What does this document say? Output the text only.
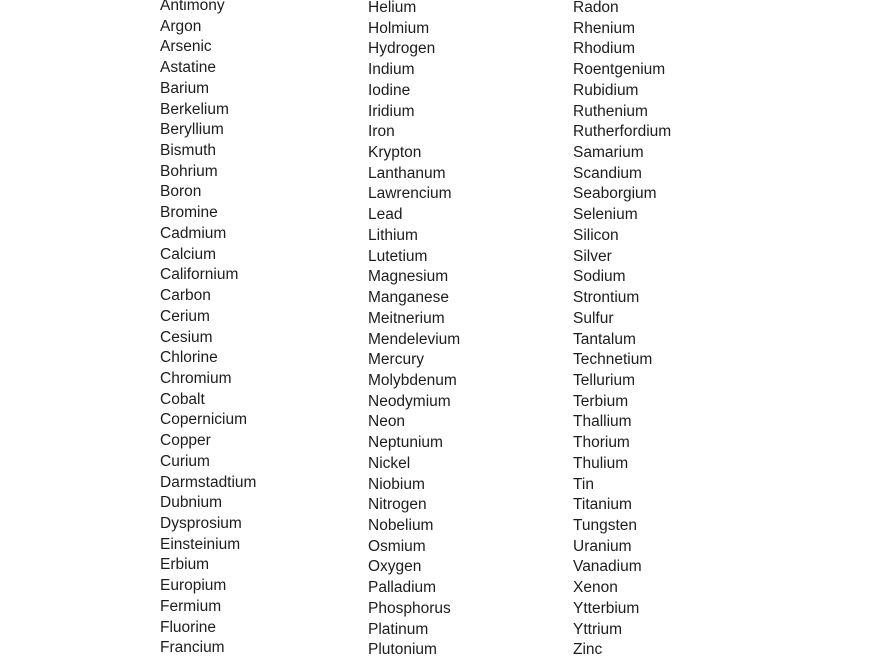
Antimony
Argon
Arsenic
Astatine
Barium
Berkelium
Beryllium
Bismuth
Bohrium
Boron
Bromine
Cadmium
Calcium
Californium
Carbon
Cerium
Cesium
Chlorine
Chromium
Cobalt
Copernicium
Copper
Curium
Darmstadtium
Dubnium
Dysprosium
Einsteinium
Erbium
Europium
Fermium
Fluorine
Francium
Helium
Holmium
Hydrogen
Indium
Iodine
Iridium
Iron
Krypton
Lanthanum
Lawrencium
Lead
Lithium
Lutetium
Magnesium
Manganese
Meitnerium
Mendelevium
Mercury
Molybdenum
Neodymium
Neon
Neptunium
Nickel
Niobium
Nitrogen
Nobelium
Osmium
Oxygen
Palladium
Phosphorus
Platinum
Plutonium
Radon
Rhenium
Rhodium
Roentgenium
Rubidium
Ruthenium
Rutherfordium
Samarium
Scandium
Seaborgium
Selenium
Silicon
Silver
Sodium
Strontium
Sulfur
Tantalum
Technetium
Tellurium
Terbium
Thallium
Thorium
Thulium
Tin
Titanium
Tungsten
Uranium
Vanadium
Xenon
Ytterbium
Yttrium
Zinc
